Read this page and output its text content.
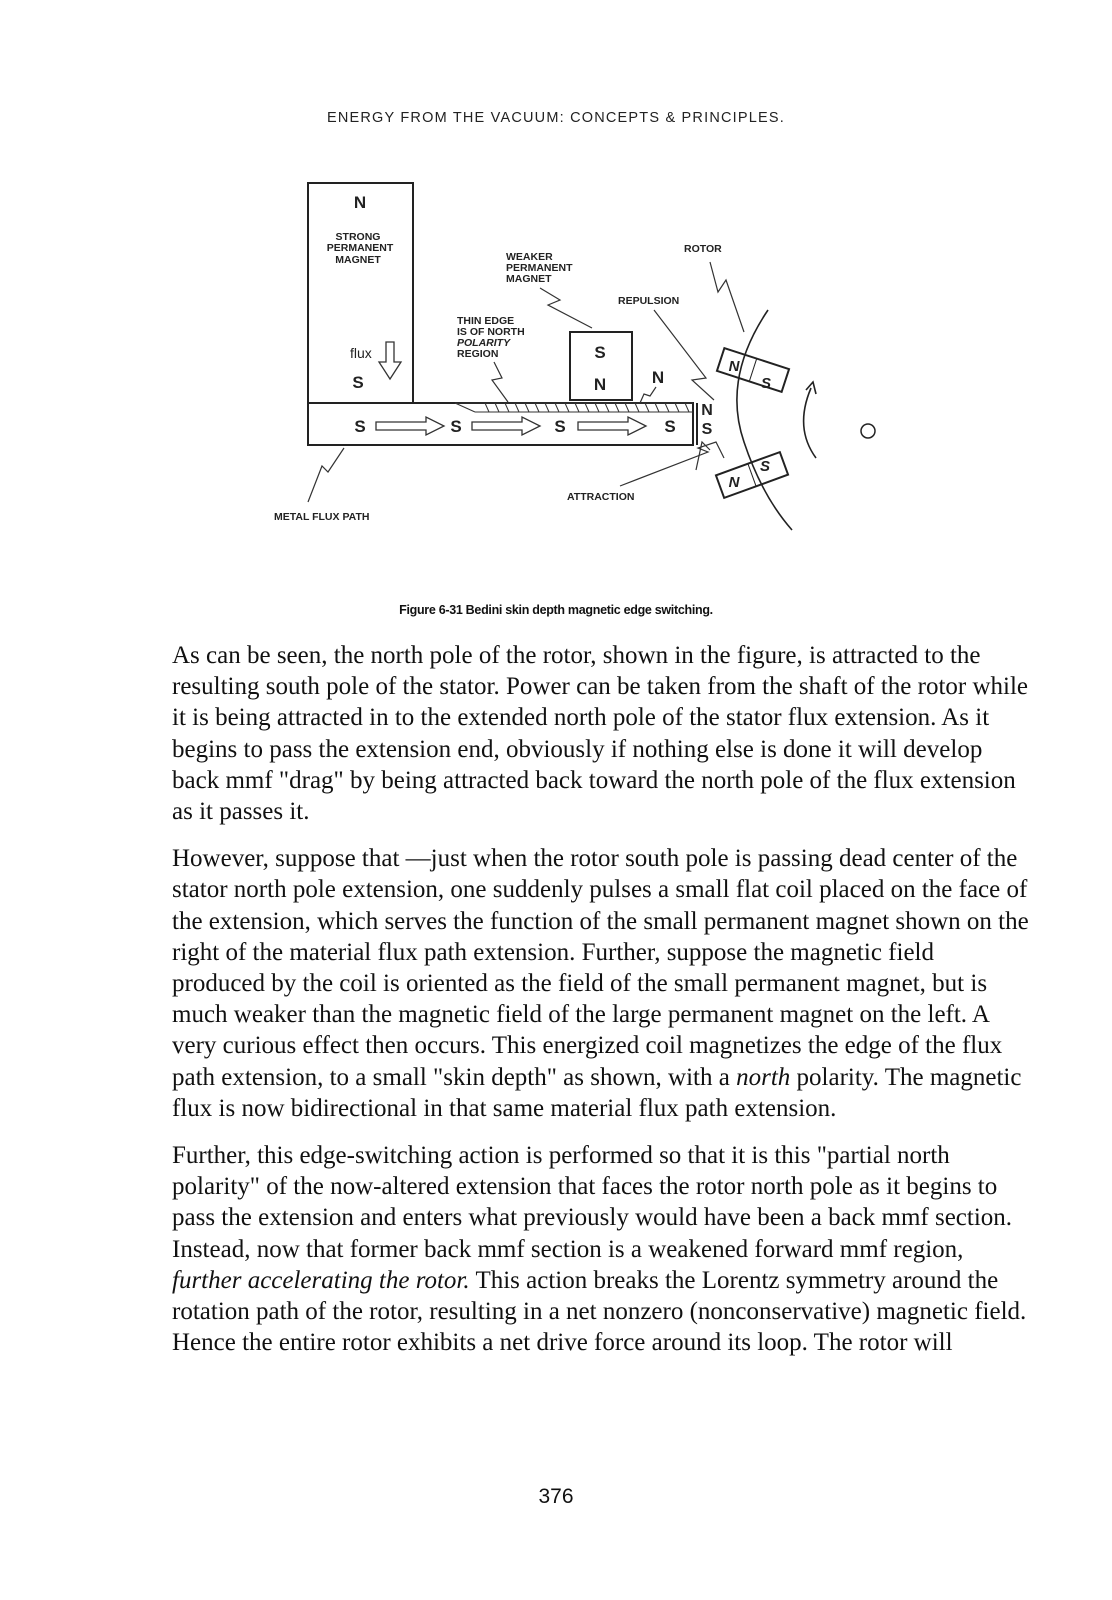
ENERGY FROM THE VACUUM: CONCEPTS & PRINCIPLES.
N
STRONG
PERMANENT
MAGNET
flux
S
S	S	S	S
N
S
S
N
WEAKER
PERMANENT
MAGNET
THIN EDGE
IS OF NORTH
POLARITY
REGION
N
ROTOR
N
S
N
S
REPULSION
ATTRACTION
METAL FLUX PATH
Figure 6-31 Bedini skin depth magnetic edge switching.

As can be seen, the north pole of the rotor, shown in the figure, is attracted to the resulting south pole of the stator. Power can be taken from the shaft of the rotor while it is being attracted in to the extended north pole of the stator flux extension. As it begins to pass the extension end, obviously if nothing else is done it will develop back mmf "drag" by being attracted back toward the north pole of the flux extension as it passes it.

However, suppose that —just when the rotor south pole is passing dead center of the stator north pole extension, one suddenly pulses a small flat coil placed on the face of the extension, which serves the function of the small permanent magnet shown on the right of the material flux path extension. Further, suppose the magnetic field produced by the coil is oriented as the field of the small permanent magnet, but is much weaker than the magnetic field of the large permanent magnet on the left. A very curious effect then occurs. This energized coil magnetizes the edge of the flux path extension, to a small "skin depth" as shown, with a north polarity. The magnetic flux is now bidirectional in that same material flux path extension.

Further, this edge-switching action is performed so that it is this "partial north polarity" of the now-altered extension that faces the rotor north pole as it begins to pass the extension and enters what previously would have been a back mmf section. Instead, now that former back mmf section is a weakened forward mmf region, further accelerating the rotor. This action breaks the Lorentz symmetry around the rotation path of the rotor, resulting in a net nonzero (nonconservative) magnetic field. Hence the entire rotor exhibits a net drive force around its loop. The rotor will

376
